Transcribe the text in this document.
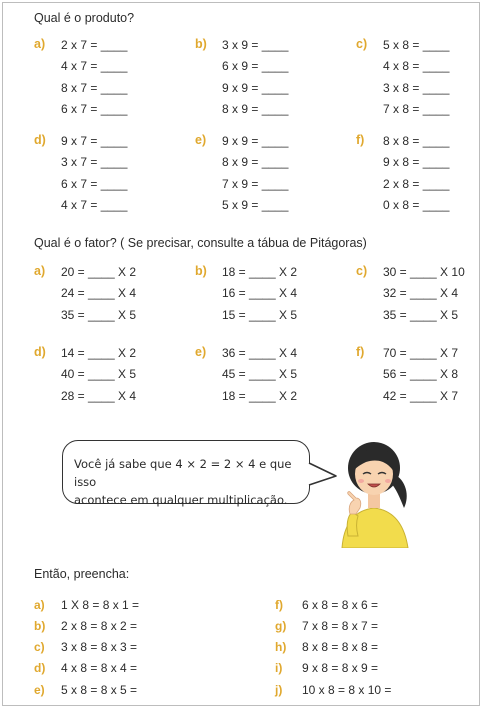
Qual é o produto?
a) 2 x 7 = ____
4 x 7 = ____
8 x 7 = ____
6 x 7 = ____
b) 3 x 9 = ____
6 x 9 = ____
9 x 9 = ____
8 x 9 = ____
c) 5 x 8 = ____
4 x 8 = ____
3 x 8 = ____
7 x 8 = ____
d) 9 x 7 = ____
3 x 7 = ____
6 x 7 = ____
4 x 7 = ____
e) 9 x 9 = ____
8 x 9 = ____
7 x 9 = ____
5 x 9 = ____
f) 8 x 8 = ____
9 x 8 = ____
2 x 8 = ____
0 x 8 = ____
Qual é o fator? ( Se precisar, consulte a tábua de Pitágoras)
a) 20 = ____ X 2
24 = ____ X 4
35 = ____ X 5
b) 18 = ____ X 2
16 = ____ X 4
15 = ____ X 5
c) 30 = ____ X 10
32 = ____ X 4
35 = ____ X 5
d) 14 = ____ X 2
40 = ____ X 5
28 = ____ X 4
e) 36 = ____ X 4
45 = ____ X 5
18 = ____ X 2
f) 70 = ____ X 7
56 = ____ X 8
42 = ____ X 7
Você já sabe que 4 × 2 = 2 × 4 e que isso
acontece em qualquer multiplicação.
Então, preencha:
a) 1 X 8 = 8 x 1 =
b) 2 x 8 = 8 x 2 =
c) 3 x 8 = 8 x 3 =
d) 4 x 8 = 8 x 4 =
e) 5 x 8 = 8 x 5 =
f) 6 x 8 = 8 x 6 =
g) 7 x 8 = 8 x 7 =
h) 8 x 8 = 8 x 8 =
i) 9 x 8 = 8 x 9 =
j) 10 x 8 = 8 x 10 =
